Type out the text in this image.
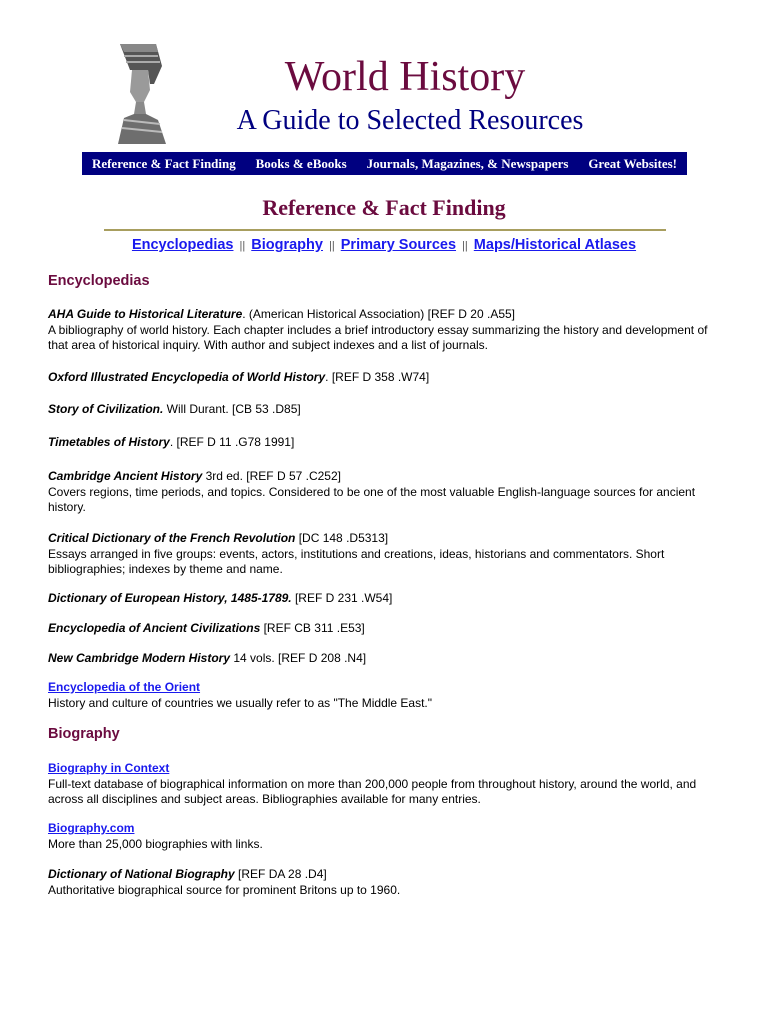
World History
A Guide to Selected Resources
Reference & Fact Finding Books & eBooks Journals, Magazines, & Newspapers Great Websites!
Reference & Fact Finding
Encyclopedias || Biography || Primary Sources || Maps/Historical Atlases
Encyclopedias
AHA Guide to Historical Literature. (American Historical Association) [REF D 20 .A55]
A bibliography of world history. Each chapter includes a brief introductory essay summarizing the history and development of that area of historical inquiry. With author and subject indexes and a list of journals.
Oxford Illustrated Encyclopedia of World History. [REF D 358 .W74]
Story of Civilization. Will Durant. [CB 53 .D85]
Timetables of History. [REF D 11 .G78 1991]
Cambridge Ancient History 3rd ed. [REF D 57 .C252]
Covers regions, time periods, and topics. Considered to be one of the most valuable English-language sources for ancient history.
Critical Dictionary of the French Revolution [DC 148 .D5313]
Essays arranged in five groups: events, actors, institutions and creations, ideas, historians and commentators. Short bibliographies; indexes by theme and name.
Dictionary of European History, 1485-1789. [REF D 231 .W54]
Encyclopedia of Ancient Civilizations [REF CB 311 .E53]
New Cambridge Modern History 14 vols. [REF D 208 .N4]
Encyclopedia of the Orient
History and culture of countries we usually refer to as "The Middle East."
Biography
Biography in Context
Full-text database of biographical information on more than 200,000 people from throughout history, around the world, and across all disciplines and subject areas. Bibliographies available for many entries.
Biography.com
More than 25,000 biographies with links.
Dictionary of National Biography [REF DA 28 .D4]
Authoritative biographical source for prominent Britons up to 1960.
